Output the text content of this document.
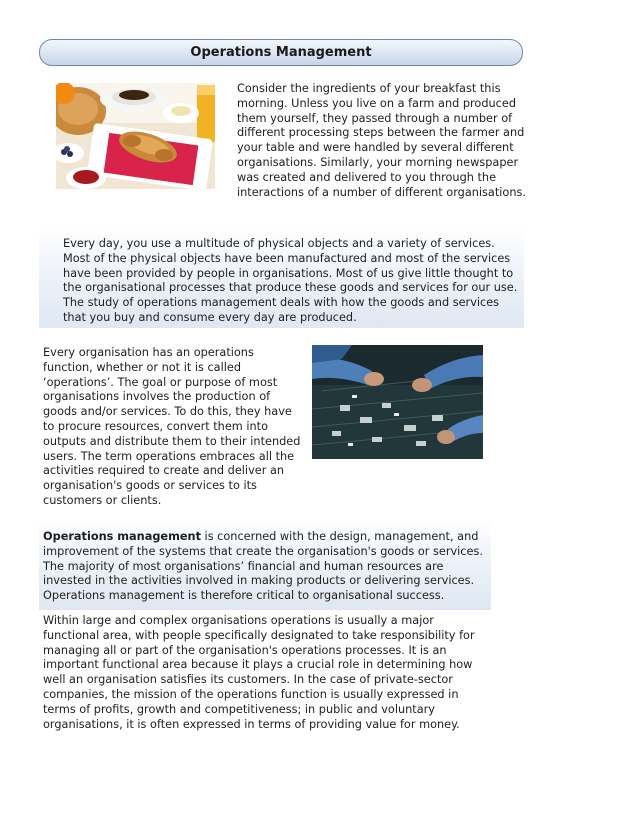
Operations Management
Consider the ingredients of your breakfast this morning. Unless you live on a farm and produced them yourself, they passed through a number of different processing steps between the farmer and your table and were handled by several different organisations. Similarly, your morning newspaper was created and delivered to you through the interactions of a number of different organisations.
Every day, you use a multitude of physical objects and a variety of services. Most of the physical objects have been manufactured and most of the services have been provided by people in organisations. Most of us give little thought to the organisational processes that produce these goods and services for our use. The study of operations management deals with how the goods and services that you buy and consume every day are produced.
Every organisation has an operations function, whether or not it is called ‘operations’. The goal or purpose of most organisations involves the production of goods and/or services. To do this, they have to procure resources, convert them into outputs and distribute them to their intended users. The term operations embraces all the activities required to create and deliver an organisation's goods or services to its customers or clients.
Operations management is concerned with the design, management, and improvement of the systems that create the organisation's goods or services. The majority of most organisations’ financial and human resources are invested in the activities involved in making products or delivering services. Operations management is therefore critical to organisational success.
Within large and complex organisations operations is usually a major functional area, with people specifically designated to take responsibility for managing all or part of the organisation's operations processes. It is an important functional area because it plays a crucial role in determining how well an organisation satisfies its customers. In the case of private-sector companies, the mission of the operations function is usually expressed in terms of profits, growth and competitiveness; in public and voluntary organisations, it is often expressed in terms of providing value for money.
